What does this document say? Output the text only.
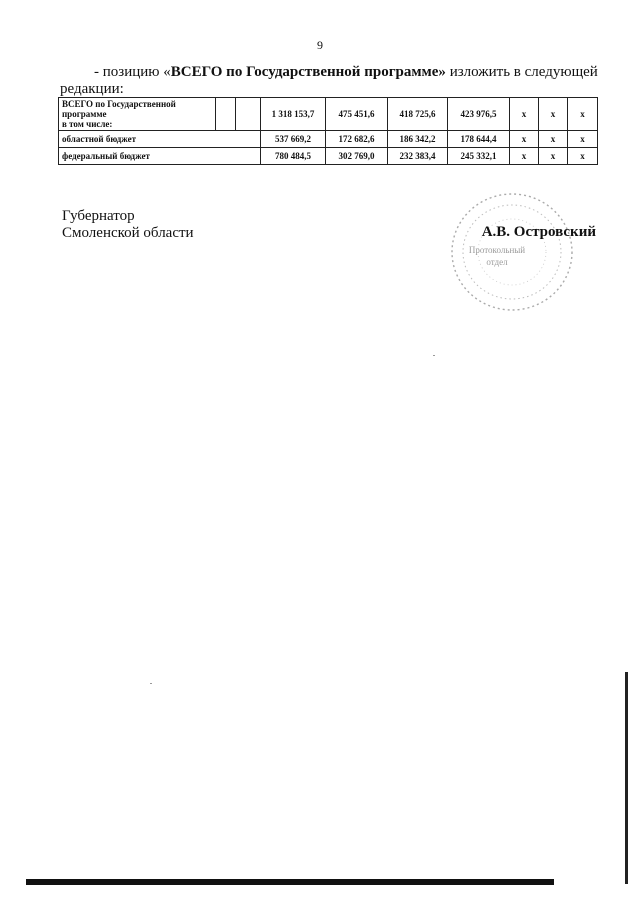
9
- позицию «ВСЕГО по Государственной программе» изложить в следующей редакции:
ВСЕГО по Государственной программе
в том числе:			1 318 153,7	475 451,6	418 725,6	423 976,5	x	x	x
областной бюджет			537 669,2	172 682,6	186 342,2	178 644,4	x	x	x
федеральный бюджет			780 484,5	302 769,0	232 383,4	245 332,1	x	x	x
Губернатор
Смоленской области
Протокольный отдел
А.В. Островский
